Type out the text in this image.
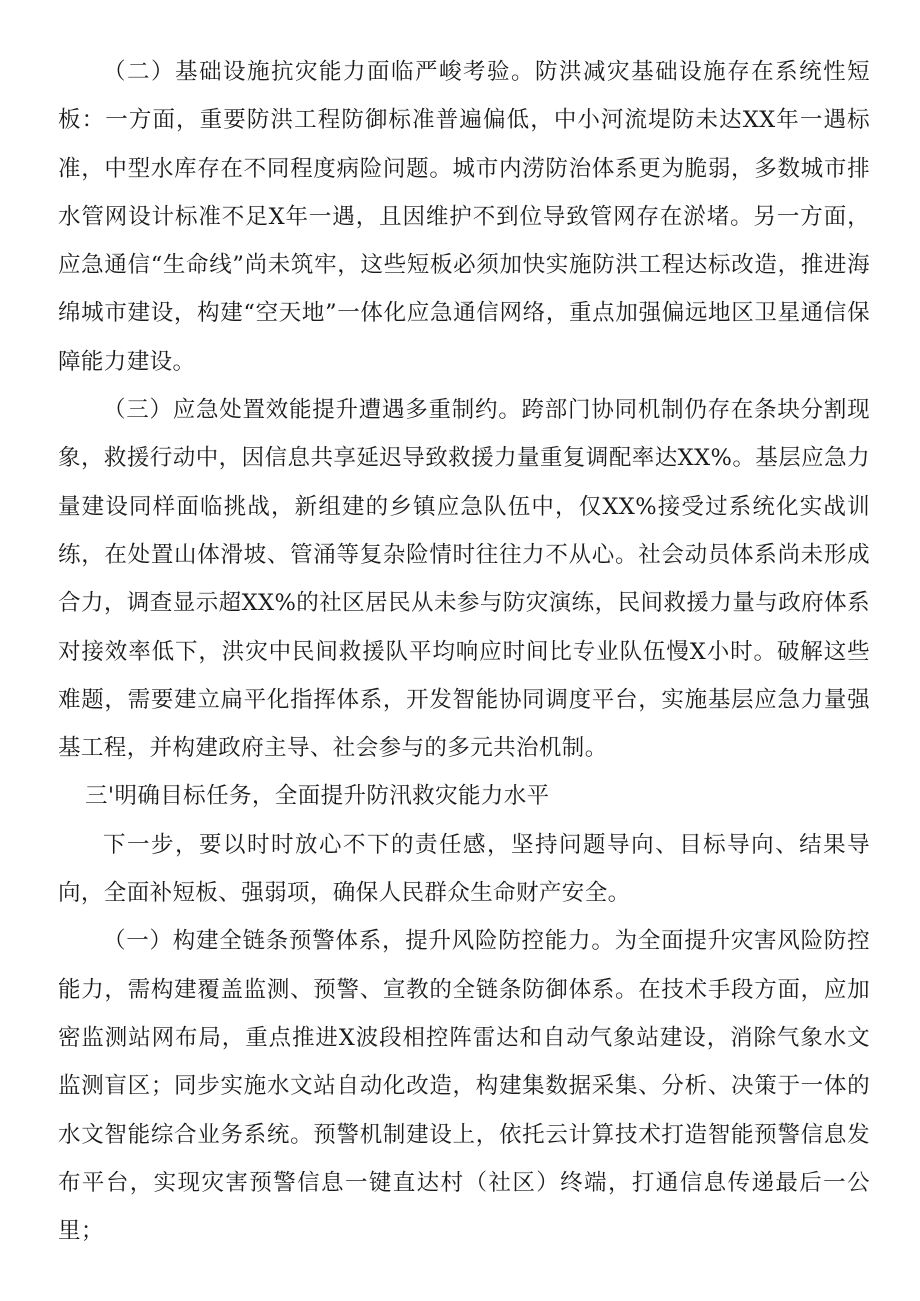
（二）基础设施抗灾能力面临严峻考验。防洪减灾基础设施存在系统性短板：一方面，重要防洪工程防御标准普遍偏低，中小河流堤防未达XX年一遇标准，中型水库存在不同程度病险问题。城市内涝防治体系更为脆弱，多数城市排水管网设计标准不足X年一遇，且因维护不到位导致管网存在淤堵。另一方面，应急通信“生命线”尚未筑牢，这些短板必须加快实施防洪工程达标改造，推进海绵城市建设，构建“空天地”一体化应急通信网络，重点加强偏远地区卫星通信保障能力建设。

（三）应急处置效能提升遭遇多重制约。跨部门协同机制仍存在条块分割现象，救援行动中，因信息共享延迟导致救援力量重复调配率达XX%。基层应急力量建设同样面临挑战，新组建的乡镇应急队伍中，仅XX%接受过系统化实战训练，在处置山体滑坡、管涌等复杂险情时往往力不从心。社会动员体系尚未形成合力，调查显示超XX%的社区居民从未参与防灾演练，民间救援力量与政府体系对接效率低下，洪灾中民间救援队平均响应时间比专业队伍慢X小时。破解这些难题，需要建立扁平化指挥体系，开发智能协同调度平台，实施基层应急力量强基工程，并构建政府主导、社会参与的多元共治机制。

三'明确目标任务，全面提升防汛救灾能力水平

下一步，要以时时放心不下的责任感，坚持问题导向、目标导向、结果导向，全面补短板、强弱项，确保人民群众生命财产安全。

（一）构建全链条预警体系，提升风险防控能力。为全面提升灾害风险防控能力，需构建覆盖监测、预警、宣教的全链条防御体系。在技术手段方面，应加密监测站网布局，重点推进X波段相控阵雷达和自动气象站建设，消除气象水文监测盲区；同步实施水文站自动化改造，构建集数据采集、分析、决策于一体的水文智能综合业务系统。预警机制建设上，依托云计算技术打造智能预警信息发布平台，实现灾害预警信息一键直达村（社区）终端，打通信息传递最后一公里；
